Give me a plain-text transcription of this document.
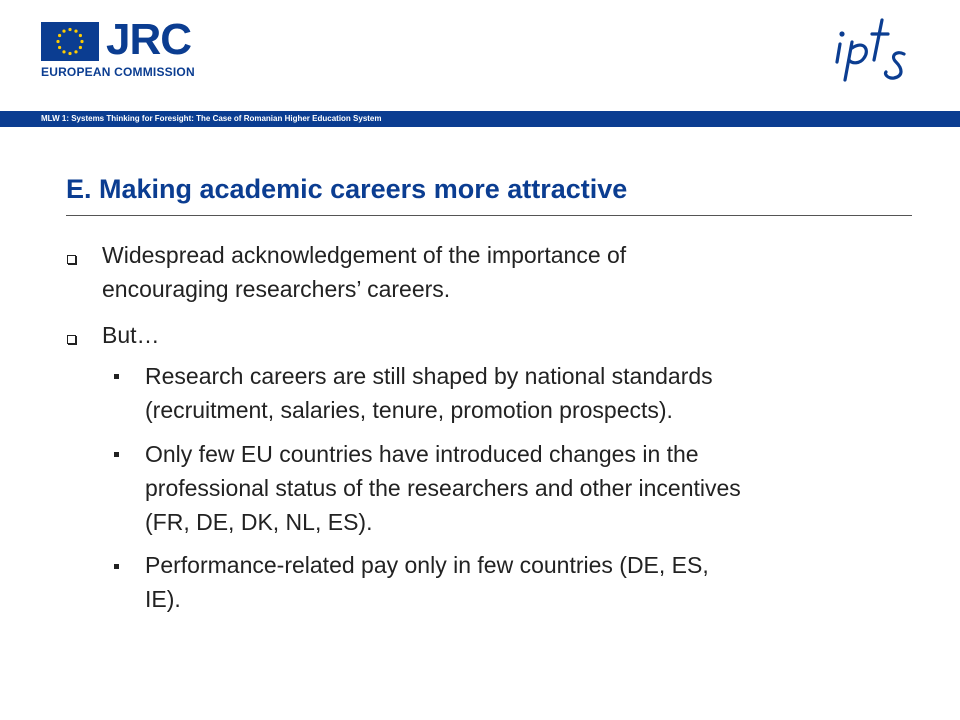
JRC
EUROPEAN COMMISSION
MLW 1: Systems Thinking for Foresight: The Case of Romanian Higher Education System
E. Making academic careers more attractive
Widespread acknowledgement of the importance of
encouraging researchers’ careers.
But…
Research careers are still shaped by national standards
(recruitment, salaries, tenure, promotion prospects).
Only few EU countries have introduced changes in the
professional status of the researchers and other incentives
(FR, DE, DK, NL, ES).
Performance-related pay only in few countries (DE, ES,
IE).
